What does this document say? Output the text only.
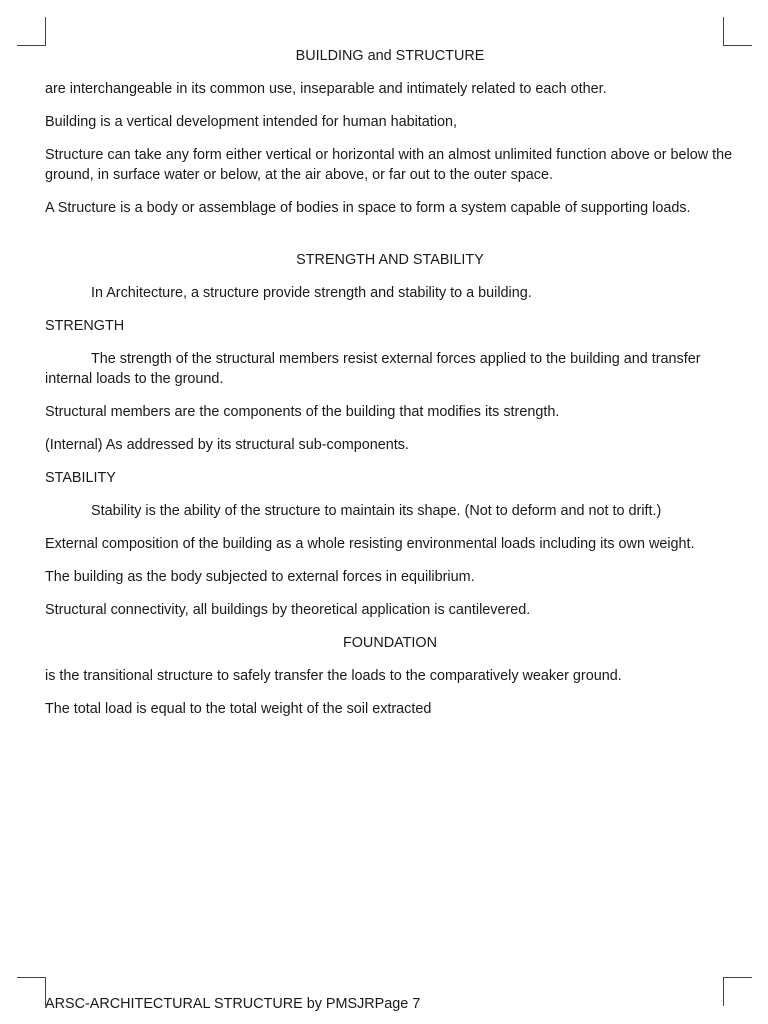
BUILDING and STRUCTURE

are interchangeable in its common use, inseparable and intimately related to each other.

Building is a vertical development intended for human habitation,

Structure can take any form either vertical or horizontal with an almost unlimited function above or below the ground, in surface water or below, at the air above, or far out to the outer space.

A Structure is a body or assemblage of bodies in space to form a system capable of supporting loads.

STRENGTH AND STABILITY

In Architecture, a structure provide strength and stability to a building.

STRENGTH

The strength of the structural members resist external forces applied to the building and transfer internal loads to the ground.

Structural members are the components of the building that modifies its strength.

(Internal) As addressed by its structural sub-components.

STABILITY

Stability is the ability of the structure to maintain its shape. (Not to deform and not to drift.)

External composition of the building as a whole resisting environmental loads including its own weight.

The building as the body subjected to external forces in equilibrium.

Structural connectivity, all buildings by theoretical application is cantilevered.

FOUNDATION

is the transitional structure to safely transfer the loads to the comparatively weaker ground.

The total load is equal to the total weight of the soil extracted

ARSC-ARCHITECTURAL STRUCTURE by PMSJRPage 7
